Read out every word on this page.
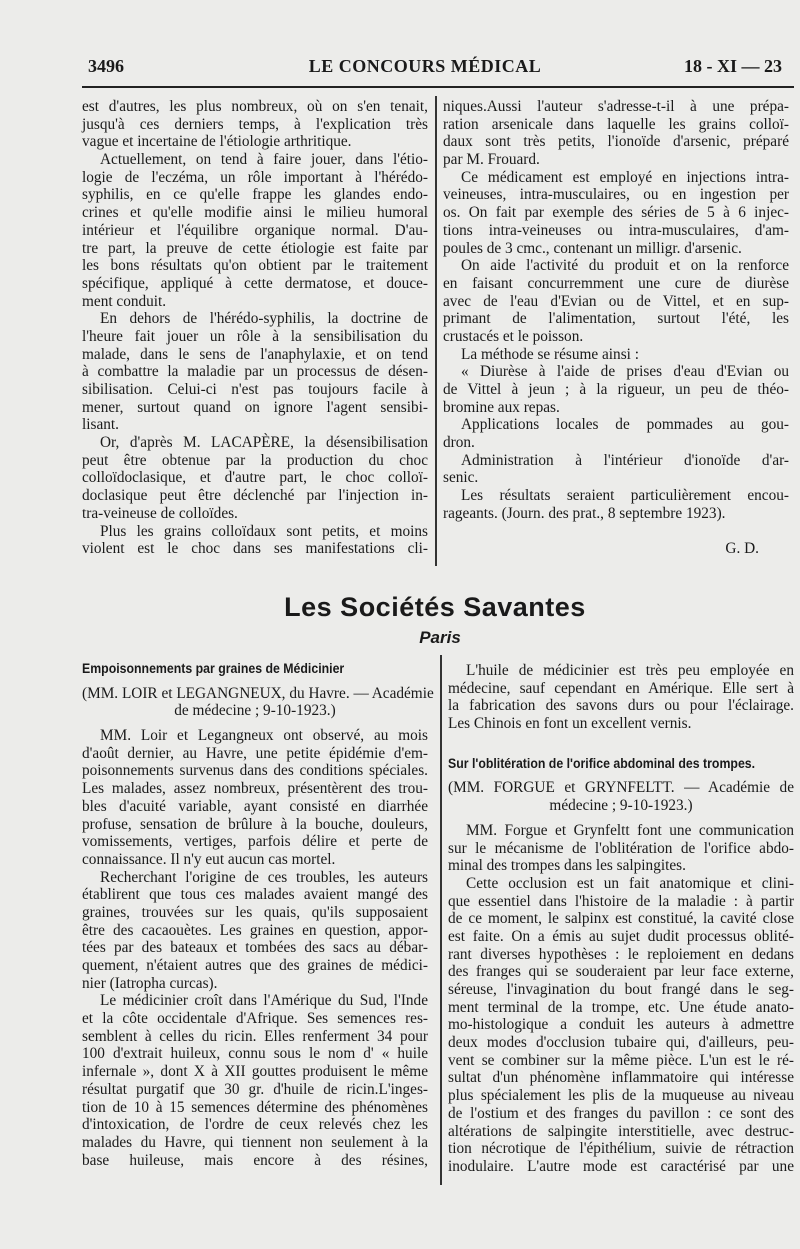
3496	LE CONCOURS MÉDICAL	18 - XI — 23
est d'autres, les plus nombreux, où on s'en tenait,
jusqu'à ces derniers temps, à l'explication très
vague et incertaine de l'étiologie arthritique.
Actuellement, on tend à faire jouer, dans l'étio-
logie de l'eczéma, un rôle important à l'hérédo-
syphilis, en ce qu'elle frappe les glandes endo-
crines et qu'elle modifie ainsi le milieu humoral
intérieur et l'équilibre organique normal. D'au-
tre part, la preuve de cette étiologie est faite par
les bons résultats qu'on obtient par le traitement
spécifique, appliqué à cette dermatose, et douce-
ment conduit.
En dehors de l'hérédo-syphilis, la doctrine de
l'heure fait jouer un rôle à la sensibilisation du
malade, dans le sens de l'anaphylaxie, et on tend
à combattre la maladie par un processus de désen-
sibilisation. Celui-ci n'est pas toujours facile à
mener, surtout quand on ignore l'agent sensibi-
lisant.
Or, d'après M. LACAPÈRE, la désensibilisation
peut être obtenue par la production du choc
colloïdoclasique, et d'autre part, le choc colloï-
doclasique peut être déclenché par l'injection in-
tra-veineuse de colloïdes.
Plus les grains colloïdaux sont petits, et moins
violent est le choc dans ses manifestations cli-
niques.Aussi l'auteur s'adresse-t-il à une prépa-
ration arsenicale dans laquelle les grains colloï-
daux sont très petits, l'ionoïde d'arsenic, préparé
par M. Frouard.
Ce médicament est employé en injections intra-
veineuses, intra-musculaires, ou en ingestion per
os. On fait par exemple des séries de 5 à 6 injec-
tions intra-veineuses ou intra-musculaires, d'am-
poules de 3 cmc., contenant un milligr. d'arsenic.
On aide l'activité du produit et on la renforce
en faisant concurremment une cure de diurèse
avec de l'eau d'Evian ou de Vittel, et en sup-
primant de l'alimentation, surtout l'été, les
crustacés et le poisson.
La méthode se résume ainsi :
« Diurèse à l'aide de prises d'eau d'Evian ou
de Vittel à jeun ; à la rigueur, un peu de théo-
bromine aux repas.
Applications locales de pommades au gou-
dron.
Administration à l'intérieur d'ionoïde d'ar-
senic.
Les résultats seraient particulièrement encou-
rageants. (Journ. des prat., 8 septembre 1923).
G. D.
Les Sociétés Savantes
Paris
Empoisonnements par graines de Médicinier
(MM. LOIR et LEGANGNEUX, du Havre. — Académie
de médecine ; 9-10-1923.)
MM. Loir et Legangneux ont observé, au mois
d'août dernier, au Havre, une petite épidémie d'em-
poisonnements survenus dans des conditions spéciales.
Les malades, assez nombreux, présentèrent des trou-
bles d'acuité variable, ayant consisté en diarrhée
profuse, sensation de brûlure à la bouche, douleurs,
vomissements, vertiges, parfois délire et perte de
connaissance. Il n'y eut aucun cas mortel.
Recherchant l'origine de ces troubles, les auteurs
établirent que tous ces malades avaient mangé des
graines, trouvées sur les quais, qu'ils supposaient
être des cacaouètes. Les graines en question, appor-
tées par des bateaux et tombées des sacs au débar-
quement, n'étaient autres que des graines de médici-
nier (Iatropha curcas).
Le médicinier croît dans l'Amérique du Sud, l'Inde
et la côte occidentale d'Afrique. Ses semences res-
semblent à celles du ricin. Elles renferment 34 pour
100 d'extrait huileux, connu sous le nom d' « huile
infernale », dont X à XII gouttes produisent le même
résultat purgatif que 30 gr. d'huile de ricin.L'inges-
tion de 10 à 15 semences détermine des phénomènes
d'intoxication, de l'ordre de ceux relevés chez les
malades du Havre, qui tiennent non seulement à la
base huileuse, mais encore à des résines,
L'huile de médicinier est très peu employée en
médecine, sauf cependant en Amérique. Elle sert à
la fabrication des savons durs ou pour l'éclairage.
Les Chinois en font un excellent vernis.
Sur l'oblitération de l'orifice abdominal des trompes.
(MM. FORGUE et GRYNFELTT. — Académie de
médecine ; 9-10-1923.)
MM. Forgue et Grynfeltt font une communication
sur le mécanisme de l'oblitération de l'orifice abdo-
minal des trompes dans les salpingites.
Cette occlusion est un fait anatomique et clini-
que essentiel dans l'histoire de la maladie : à partir
de ce moment, le salpinx est constitué, la cavité close
est faite. On a émis au sujet dudit processus oblité-
rant diverses hypothèses : le reploiement en dedans
des franges qui se souderaient par leur face externe,
séreuse, l'invagination du bout frangé dans le seg-
ment terminal de la trompe, etc. Une étude anato-
mo-histologique a conduit les auteurs à admettre
deux modes d'occlusion tubaire qui, d'ailleurs, peu-
vent se combiner sur la même pièce. L'un est le ré-
sultat d'un phénomène inflammatoire qui intéresse
plus spécialement les plis de la muqueuse au niveau
de l'ostium et des franges du pavillon : ce sont des
altérations de salpingite interstitielle, avec destruc-
tion nécrotique de l'épithélium, suivie de rétraction
inodulaire. L'autre mode est caractérisé par une
